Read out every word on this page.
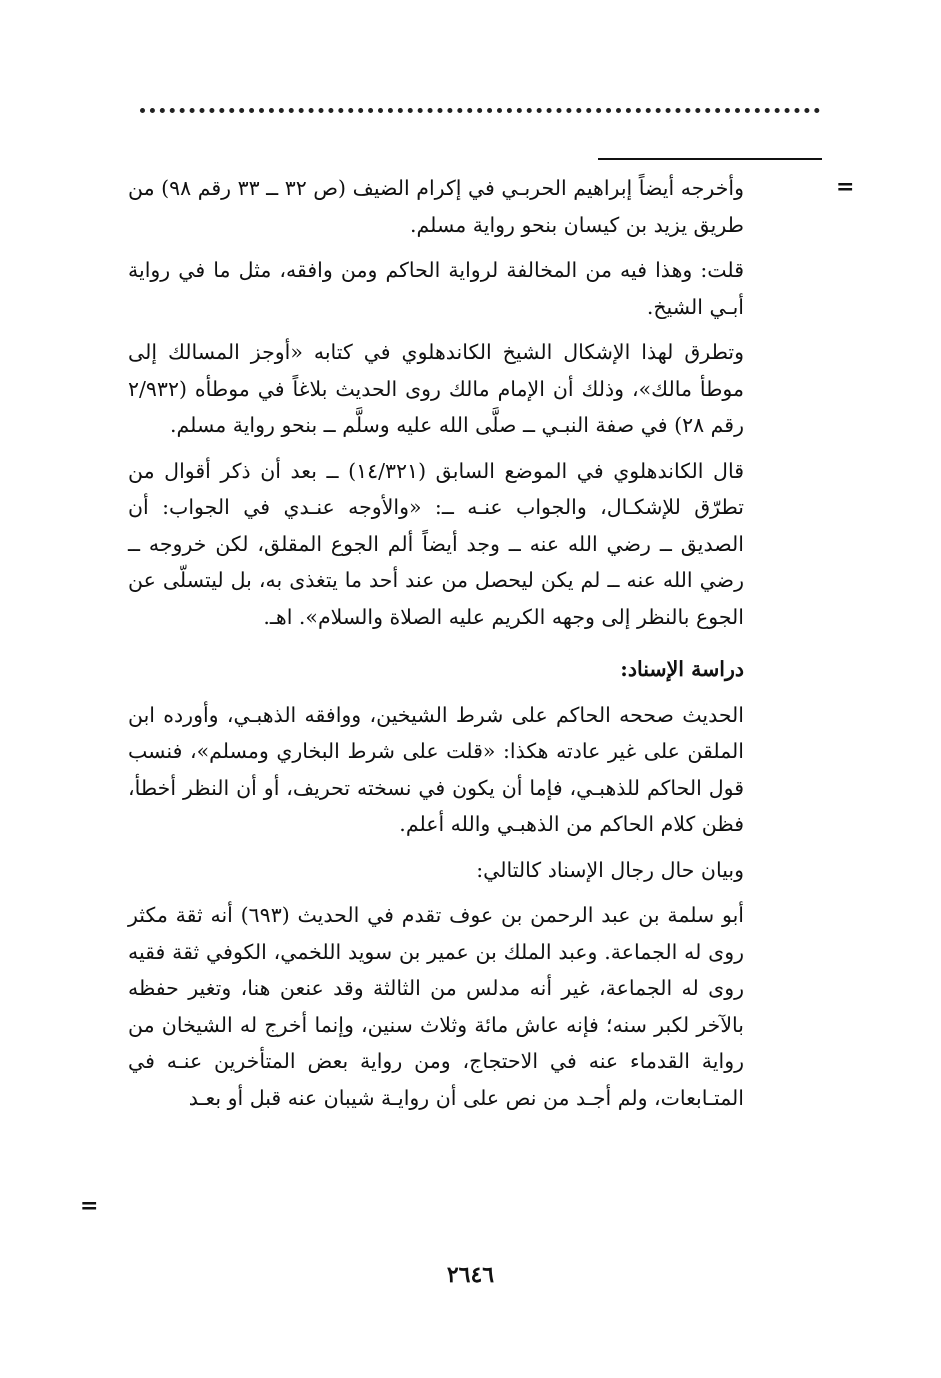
=

وأخرجه أيضاً إبراهيم الحربـي في إكرام الضيف (ص ٣٢ ــ ٣٣ رقم ٩٨) من طريق يزيد بن كيسان بنحو رواية مسلم.

قلت: وهذا فيه من المخالفة لرواية الحاكم ومن وافقه، مثل ما في رواية أبـي الشيخ.

وتطرق لهذا الإشكال الشيخ الكاندهلوي في كتابه «أوجز المسالك إلى موطأ مالك»، وذلك أن الإمام مالك روى الحديث بلاغاً في موطأه (٢/٩٣٢ رقم ٢٨) في صفة النبـي ــ صلَّى الله عليه وسلَّم ــ بنحو رواية مسلم.

قال الكاندهلوي في الموضع السابق (١٤/٣٢١) ــ بعد أن ذكر أقوال من تطرّق للإشكـال، والجواب عنـه ــ: «والأوجه عنـدي في الجواب: أن الصديق ــ رضي الله عنه ــ وجد أيضاً ألم الجوع المقلق، لكن خروجه ــ رضي الله عنه ــ لم يكن ليحصل من عند أحد ما يتغذى به، بل ليتسلّى عن الجوع بالنظر إلى وجهه الكريم عليه الصلاة والسلام». اهـ.

دراسة الإسناد:

الحديث صححه الحاكم على شرط الشيخين، ووافقه الذهبـي، وأورده ابن الملقن على غير عادته هكذا: «قلت على شرط البخاري ومسلم»، فنسب قول الحاكم للذهبـي، فإما أن يكون في نسخته تحريف، أو أن النظر أخطأ، فظن كلام الحاكم من الذهبـي والله أعلم.

وبيان حال رجال الإسناد كالتالي:

أبو سلمة بن عبد الرحمن بن عوف تقدم في الحديث (٦٩٣) أنه ثقة مكثر روى له الجماعة. وعبد الملك بن عمير بن سويد اللخمي، الكوفي ثقة فقيه روى له الجماعة، غير أنه مدلس من الثالثة وقد عنعن هنا، وتغير حفظه بالآخر لكبر سنه؛ فإنه عاش مائة وثلاث سنين، وإنما أخرج له الشيخان من رواية القدماء عنه في الاحتجاج، ومن رواية بعض المتأخرين عنـه في المتـابعات، ولم أجـد من نص على أن روايـة شيبان عنه قبل أو بعـد

=
٢٦٤٦
